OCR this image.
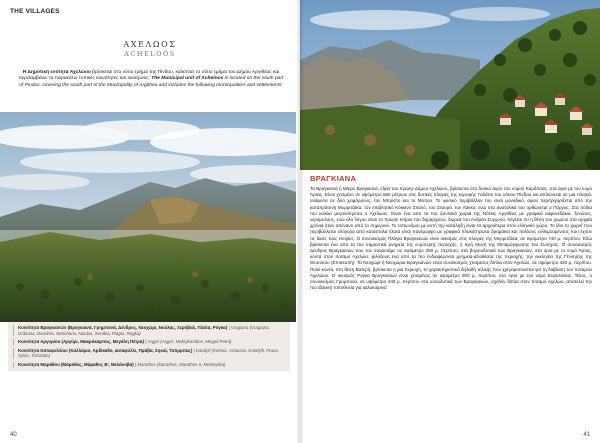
THE VILLAGES
ΑΧΕΛΩΟΣ
ACHELOOS
Η Δημοτική ενότητα Αχελώου βρίσκεται στο νότιο τμήμα της Πίνδου, καλύπτει το νότιο τμήμα του Δήμου Αργιθέας και περιλαμβάνει τα παρακάτω τοπικές κοινότητες και οικισμούς: The Municipal unit of Acheloos is located on the south part of Pindus, covering the south part of the Municipality of Argithea and includes the following municipalities and settlements:
Κοινότητα Βραγκιανών (Βραγκιανά, Γρημπονά, Δένδρος, Νεοχώρι, Νούλας, Ξερόβαλ, Πλάτα, Ρόγκα) | Vragiana (Vragiana, Gribiana, Dendros, Neochoria, Noulas, Xerakia, Plagia, Rogka)
Κοινότητα Αργυρίου (Αργύρι, Μακρόκαμπος, Μεγάλη Πέτρα) | Argyri (Argyri, Makrykambos, Megali Petra)
Κοινότητα Καταφυλλίου (Καλλάριο, Αρδίκαθο, καταφύλλι, Πράβα, Σηκιά, Τσόρμπας) | Katafyli (Kelaria, Ardaviva, Katafylli, Prava, Sykia, Tsiriantia)
Κοινότητα Μαράθου (Μάραθος, Μάραθος Β', Μελάνοβα) | Marathos (Marathos, Marathos II, Melanydra)
40
ΒΡΑΓΚΙΑΝΑ

Τα Βραγκιανά ή Μικρό Βραγκιανά, έδρα του πρώην Δήμου Αχελώου, βρίσκεται στο δυτικό άκρο του νομού Καρδίτσας, στα όρια με τον νομό Άρτας. Είναι χτισμένο σε υψόμετρο 650 μέτρων στις δυτικές πλαγιές της κορυφής Γαλάτσι του νότιου Πίνδου και απλώνεται σε μια πλαγιά, ανάμεσα σε δύο χειμάρρους, τον Μπρίστο και το Μότσιο. Το φυσικό περιβάλλον του είναι μοναδικό, αφού περιτριγυρίζεται από την καταπράσινη Μυρμιτζάκα, τον επιβλητικό Κόκκινο Σπανό, του Σταυρό, τον Λάκκο, ενώ στα ανατολικά του ορθώνεται ο Πύργος. Στα πόδια του κυλάει μεγαλόπρεπα ο Αχελώος. Είναι ένα από τα πιο ζωντανά χωριά της Νότιας Αργιθέας με γραφικά καφενεδάκια, ξενώνες, νερόμυλους, ενώ όλο λόγου είναι το πρώην κτήριο του δημαρχείου, δωρεά του Ανδρέα Συγγρού. Λέγεται ότι η θέση του χωριού στα αρχαία χρόνια ήταν απέναντι από το σημερινό. Το τοπωνύμιο με αυτή την κατάληξη είναι τα αρχαιότερα στον ελληνικό χώρο. Το ίδιο το χωριό που περιβάλλεται ολόγυρα από κατάστολα έλατα είναι πανέμορφο με γραφικά πλακόστρωτα δρομάκια και πολλούς ενθυμούμενους που έχουν τις δικές τους ενορίες. Ο συνοικισμός Πλάγια Βραγκιανών είναι οικισμός στις πλαγιές της Μυρμιτζάκα, σε υψόμετρο 740 μ. περίπου. Εδώ βρίσκεται ένα από τα πιο σημαντικά μνημεία της ευρύτερης περιοχής, η Ιερή Μονή της Μεταμόρφωσης του Σωτήρος. Ο συνοικισμός Δένδρος Βραγκιανών που τον συναντάμε σε υψόμετρο 350 μ. περίπου, στα βορειοδυτικά των Βραγκιανών, στα όρια με το νομό Άρτας, κοντά στον ποταμό Αχελώο, φιλοξενεί ένα από τα πιο ενδιαφέροντα μνημεία-αξιοθέατα της περιοχής, την εκκλησία της Γέννησης της Θεοτόκου (Επισκοπή). Τα Νεοχώρι ή Νεοχώρια Βραγκιανών είναι συνοικισμός χτισμένος δίπλα στον Αχελώο, σε υψόμετρο 420 μ. περίπου. Πολύ κοντά, στη θέση Βατερή, βρίσκεται η μία περιοχή, το χαρακτηριστικό δηλαδή τελικής που χρησιμοποιείται για τη διάβαση του ποταμού Αχελώου. Ο οικισμός Ρόγκα Βραγκιανών είναι χτισμένος σε υψόμετρο 900 μ. περίπου, στα όρια με τον νομό Ευρυτανίας. Τέλος, ο συνοικισμός Γρυμπονά, σε υψόμετρο 440 μ. περίπου στα νοτιοδυτικά των Βραγκιανών, σχεδόν δίπλα στον ποταμό Αχελώο, αποτελεί την πιο ιδανική τοποθεσία για καλοκαιρινά

41
